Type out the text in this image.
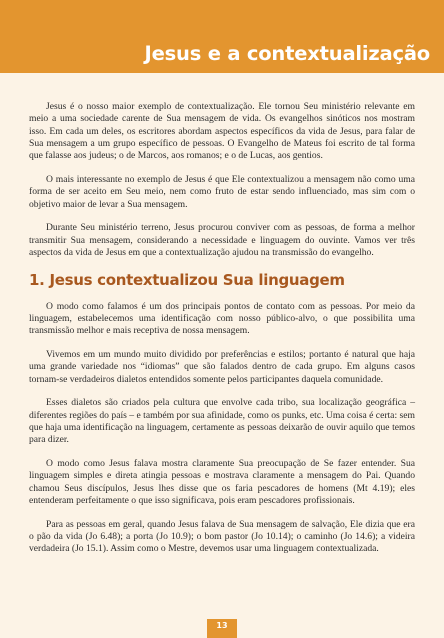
Jesus e a contextualização

Jesus é o nosso maior exemplo de contextualização. Ele tornou Seu ministério relevante em meio a uma sociedade carente de Sua mensagem de vida. Os evangelhos sinóticos nos mostram isso. Em cada um deles, os escritores abordam aspectos específicos da vida de Jesus, para falar de Sua mensagem a um grupo específico de pessoas. O Evangelho de Mateus foi escrito de tal forma que falasse aos judeus; o de Marcos, aos romanos; e o de Lucas, aos gentios.

O mais interessante no exemplo de Jesus é que Ele contextualizou a mensagem não como uma forma de ser aceito em Seu meio, nem como fruto de estar sendo influenciado, mas sim com o objetivo maior de levar a Sua mensagem.

Durante Seu ministério terreno, Jesus procurou conviver com as pessoas, de forma a melhor transmitir Sua mensagem, considerando a necessidade e linguagem do ouvinte. Vamos ver três aspectos da vida de Jesus em que a contextualização ajudou na transmissão do evangelho.

1. Jesus contextualizou Sua linguagem

O modo como falamos é um dos principais pontos de contato com as pessoas. Por meio da linguagem, estabelecemos uma identificação com nosso público-alvo, o que possibilita uma transmissão melhor e mais receptiva de nossa mensagem.

Vivemos em um mundo muito dividido por preferências e estilos; portanto é natural que haja uma grande variedade nos “idiomas” que são falados dentro de cada grupo. Em alguns casos tornam-se verdadeiros dialetos entendidos somente pelos participantes daquela comunidade.

Esses dialetos são criados pela cultura que envolve cada tribo, sua localização geográfica – diferentes regiões do país – e também por sua afinidade, como os punks, etc. Uma coisa é certa: sem que haja uma identificação na linguagem, certamente as pessoas deixarão de ouvir aquilo que temos para dizer.

O modo como Jesus falava mostra claramente Sua preocupação de Se fazer entender. Sua linguagem simples e direta atingia pessoas e mostrava claramente a mensagem do Pai. Quando chamou Seus discípulos, Jesus lhes disse que os faria pescadores de homens (Mt 4.19); eles entenderam perfeitamente o que isso significava, pois eram pescadores profissionais.

Para as pessoas em geral, quando Jesus falava de Sua mensagem de salvação, Ele dizia que era o pão da vida (Jo 6.48); a porta (Jo 10.9); o bom pastor (Jo 10.14); o caminho (Jo 14.6); a videira verdadeira (Jo 15.1). Assim como o Mestre, devemos usar uma linguagem contextualizada.

13
